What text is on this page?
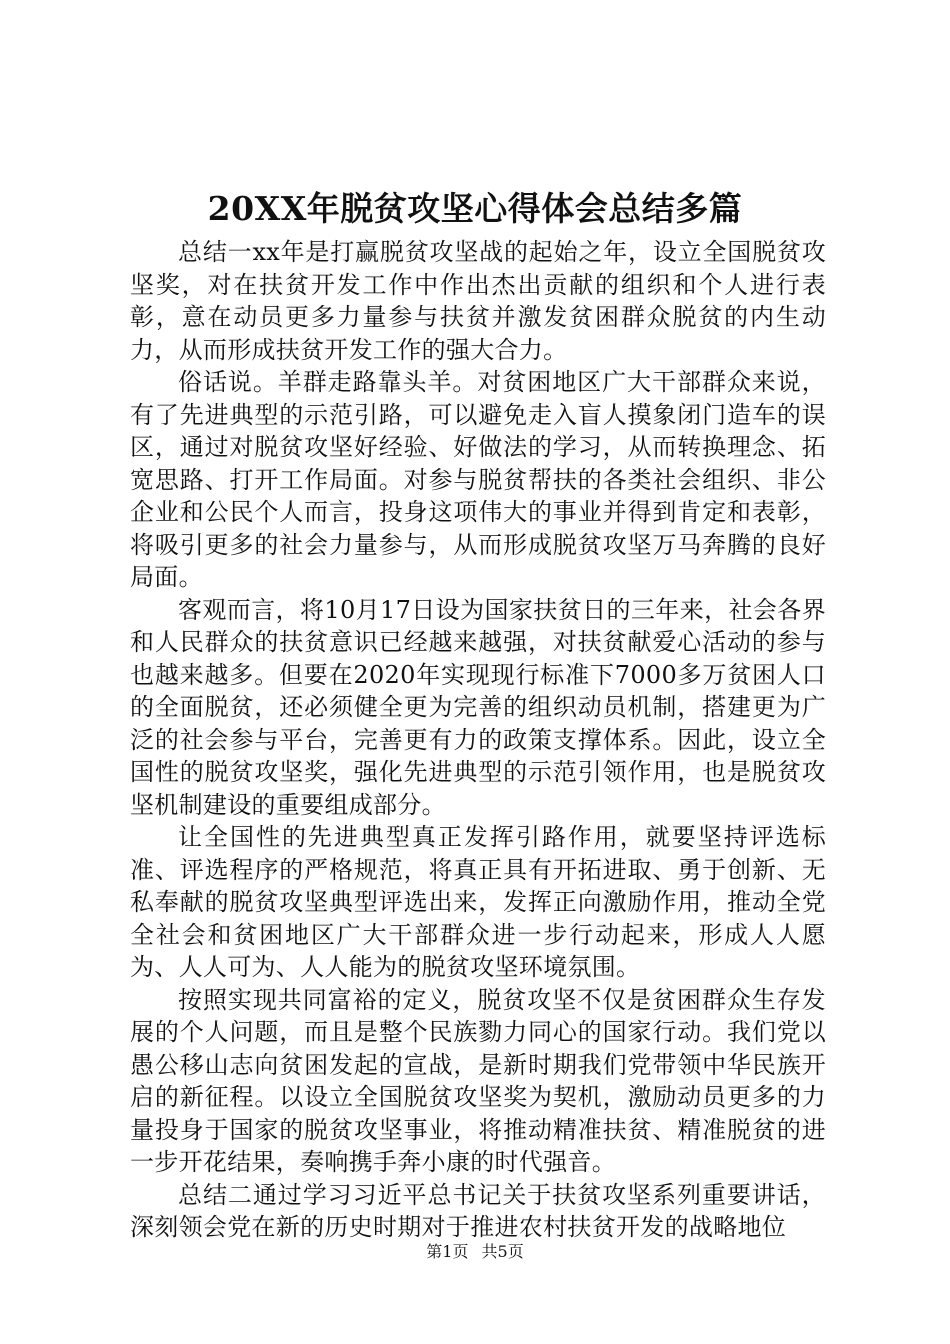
20XX年脱贫攻坚心得体会总结多篇

总结一xx年是打赢脱贫攻坚战的起始之年，设立全国脱贫攻坚奖，对在扶贫开发工作中作出杰出贡献的组织和个人进行表彰，意在动员更多力量参与扶贫并激发贫困群众脱贫的内生动力，从而形成扶贫开发工作的强大合力。

俗话说。羊群走路靠头羊。对贫困地区广大干部群众来说，有了先进典型的示范引路，可以避免走入盲人摸象闭门造车的误区，通过对脱贫攻坚好经验、好做法的学习，从而转换理念、拓宽思路、打开工作局面。对参与脱贫帮扶的各类社会组织、非公企业和公民个人而言，投身这项伟大的事业并得到肯定和表彰，将吸引更多的社会力量参与，从而形成脱贫攻坚万马奔腾的良好局面。

客观而言，将10月17日设为国家扶贫日的三年来，社会各界和人民群众的扶贫意识已经越来越强，对扶贫献爱心活动的参与也越来越多。但要在2020年实现现行标准下7000多万贫困人口的全面脱贫，还必须健全更为完善的组织动员机制，搭建更为广泛的社会参与平台，完善更有力的政策支撑体系。因此，设立全国性的脱贫攻坚奖，强化先进典型的示范引领作用，也是脱贫攻坚机制建设的重要组成部分。

让全国性的先进典型真正发挥引路作用，就要坚持评选标准、评选程序的严格规范，将真正具有开拓进取、勇于创新、无私奉献的脱贫攻坚典型评选出来，发挥正向激励作用，推动全党全社会和贫困地区广大干部群众进一步行动起来，形成人人愿为、人人可为、人人能为的脱贫攻坚环境氛围。

按照实现共同富裕的定义，脱贫攻坚不仅是贫困群众生存发展的个人问题，而且是整个民族勠力同心的国家行动。我们党以愚公移山志向贫困发起的宣战，是新时期我们党带领中华民族开启的新征程。以设立全国脱贫攻坚奖为契机，激励动员更多的力量投身于国家的脱贫攻坚事业，将推动精准扶贫、精准脱贫的进一步开花结果，奏响携手奔小康的时代强音。

总结二通过学习习近平总书记关于扶贫攻坚系列重要讲话，深刻领会党在新的历史时期对于推进农村扶贫开发的战略地位

第1页 共5页
